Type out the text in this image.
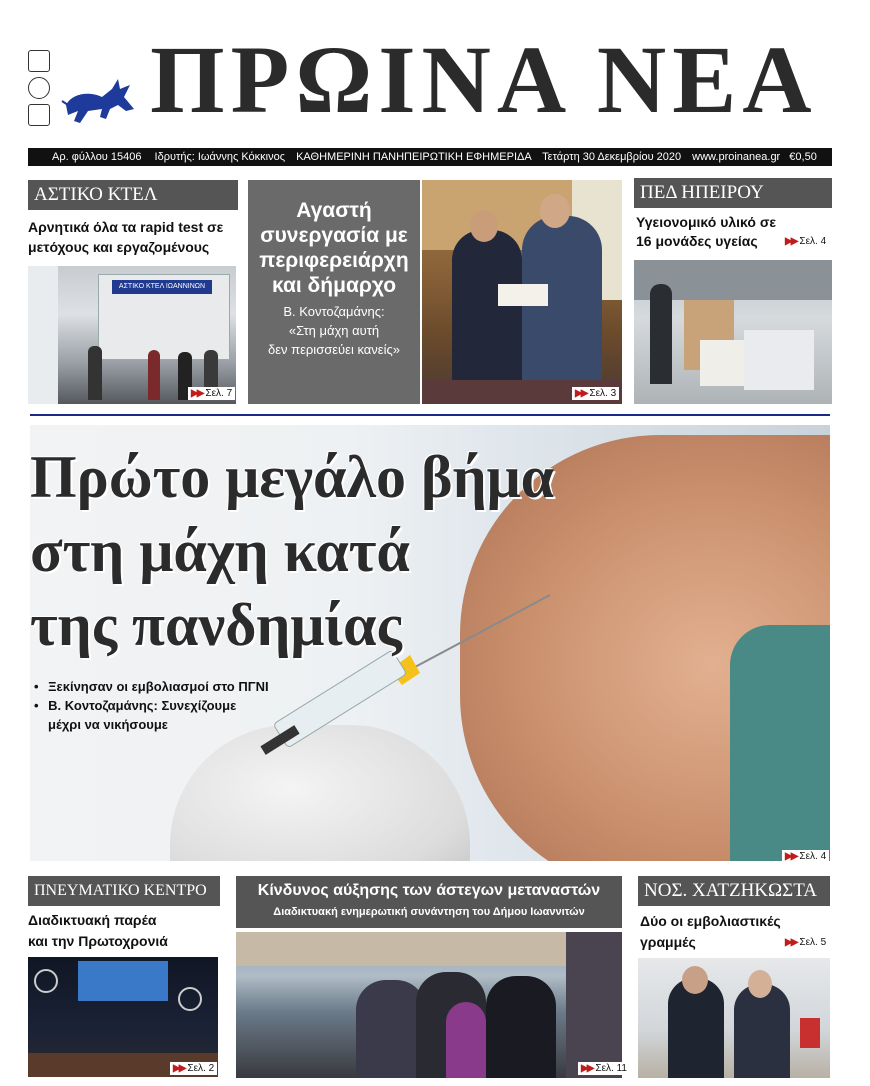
ΠΡΩΙΝΑ ΝΕΑ
Αρ. φύλλου 15406 Ιδρυτής: Ιωάννης Κόκκινος ΚΑΘΗΜΕΡΙΝΗ ΠΑΝΗΠΕΙΡΩΤΙΚΗ ΕΦΗΜΕΡΙΔΑ Τετάρτη 30 Δεκεμβρίου 2020 www.proinanea.gr €0,50
ΑΣΤΙΚΟ ΚΤΕΛ
Αρνητικά όλα τα rapid test σε
μετόχους και εργαζομένους
ΑΣΤΙΚΟ ΚΤΕΛ ΙΩΑΝΝΙΝΩΝ
▶▶ Σελ. 7
Αγαστή
συνεργασία με
περιφερειάρχη
και δήμαρχο
Β. Κοντοζαμάνης:
«Στη μάχη αυτή
δεν περισσεύει κανείς»
▶▶ Σελ. 3
ΠΕΔ ΗΠΕΙΡΟΥ
Υγειονομικό υλικό σε
16 μονάδες υγείας	▶▶ Σελ. 4
Πρώτο μεγάλο βήμα
στη μάχη κατά
της πανδημίας
• Ξεκίνησαν οι εμβολιασμοί στο ΠΓΝΙ
• Β. Κοντοζαμάνης: Συνεχίζουμε
μέχρι να νικήσουμε
▶▶ Σελ. 4
ΠΝΕΥΜΑΤΙΚΟ ΚΕΝΤΡΟ
Διαδικτυακή παρέα
και την Πρωτοχρονιά
▶▶ Σελ. 2
Κίνδυνος αύξησης των άστεγων μεταναστών
Διαδικτυακή ενημερωτική συνάντηση του Δήμου Ιωαννιτών
▶▶ Σελ. 11
ΝΟΣ. ΧΑΤΖΗΚΩΣΤΑ
Δύο οι εμβολιαστικές
γραμμές	▶▶ Σελ. 5
